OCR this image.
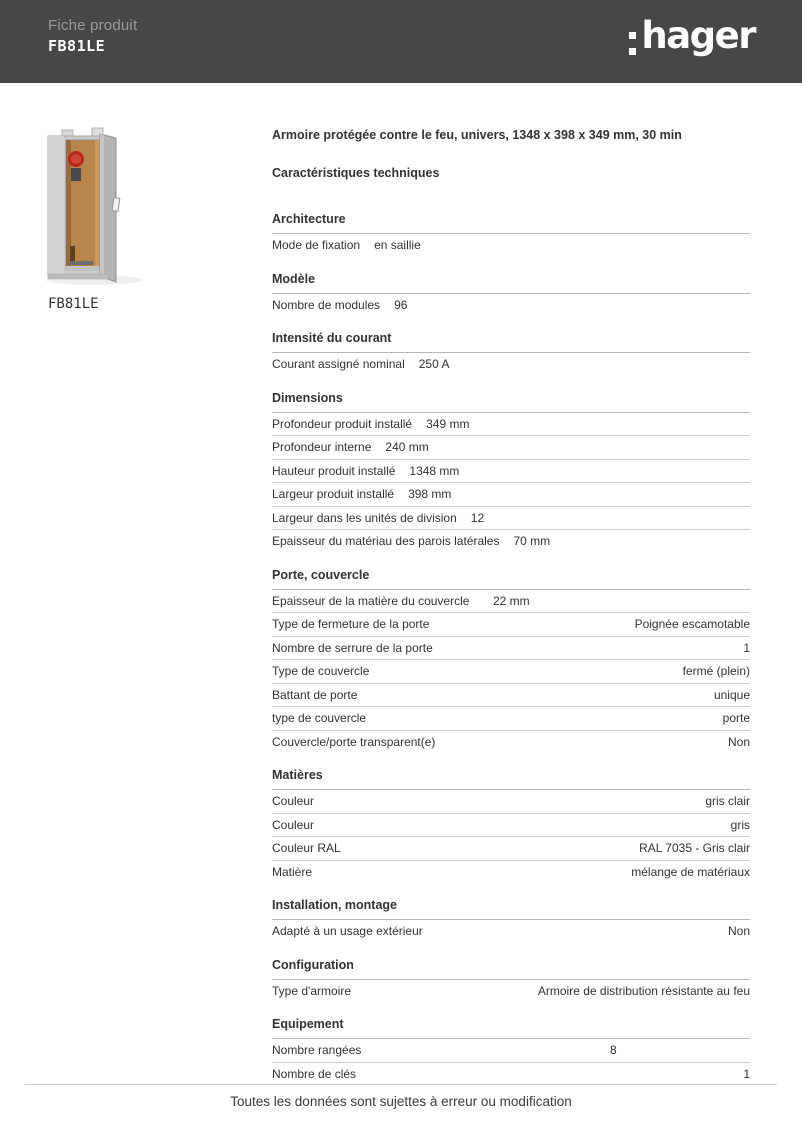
Fiche produit
FB81LE	hager
FB81LE
Armoire protégée contre le feu, univers, 1348 x 398 x 349 mm, 30 min
Caractéristiques techniques
Architecture
Mode de fixation en saillie
Modèle
Nombre de modules 96
Intensité du courant
Courant assigné nominal 250 A
Dimensions
Profondeur produit installé 349 mm
Profondeur interne 240 mm
Hauteur produit installé 1348 mm
Largeur produit installé 398 mm
Largeur dans les unités de division 12
Epaisseur du matériau des parois latérales 70 mm
Porte, couvercle
Epaisseur de la matière du couvercle 22 mm
Type de fermeture de la porte	Poignée escamotable
Nombre de serrure de la porte	1
Type de couvercle	fermé (plein)
Battant de porte	unique
type de couvercle	porte
Couvercle/porte transparent(e)	Non
Matières
Couleur	gris clair
Couleur	gris
Couleur RAL	RAL 7035 - Gris clair
Matière	mélange de matériaux
Installation, montage
Adapté à un usage extérieur	Non
Configuration
Type d'armoire	Armoire de distribution résistante au feu
Equipement
Nombre rangées	8
Nombre de clés	1
Toutes les données sont sujettes à erreur ou modification
